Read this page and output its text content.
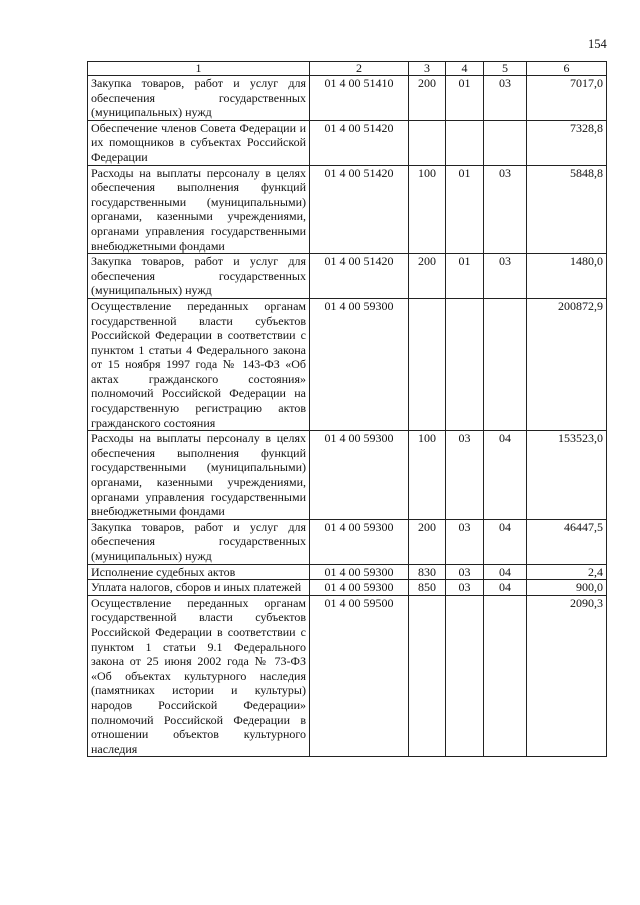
154
1	2	3	4	5	6
Закупка товаров, работ и услуг для обеспечения государственных (муниципальных) нужд	01 4 00 51410	200	01	03	7017,0
Обеспечение членов Совета Федерации и их помощников в субъектах Российской Федерации	01 4 00 51420				7328,8
Расходы на выплаты персоналу в целях обеспечения выполнения функций государственными (муниципальными) органами, казенными учреждениями, органами управления государственными внебюджетными фондами	01 4 00 51420	100	01	03	5848,8
Закупка товаров, работ и услуг для обеспечения государственных (муниципальных) нужд	01 4 00 51420	200	01	03	1480,0
Осуществление переданных органам государственной власти субъектов Российской Федерации в соответствии с пунктом 1 статьи 4 Федерального закона от 15 ноября 1997 года № 143-ФЗ «Об актах гражданского состояния» полномочий Российской Федерации на государственную регистрацию актов гражданского состояния	01 4 00 59300				200872,9
Расходы на выплаты персоналу в целях обеспечения выполнения функций государственными (муниципальными) органами, казенными учреждениями, органами управления государственными внебюджетными фондами	01 4 00 59300	100	03	04	153523,0
Закупка товаров, работ и услуг для обеспечения государственных (муниципальных) нужд	01 4 00 59300	200	03	04	46447,5
Исполнение судебных актов	01 4 00 59300	830	03	04	2,4
Уплата налогов, сборов и иных платежей	01 4 00 59300	850	03	04	900,0
Осуществление переданных органам государственной власти субъектов Российской Федерации в соответствии с пунктом 1 статьи 9.1 Федерального закона от 25 июня 2002 года № 73-ФЗ «Об объектах культурного наследия (памятниках истории и культуры) народов Российской Федерации» полномочий Российской Федерации в отношении объектов культурного наследия	01 4 00 59500				2090,3
